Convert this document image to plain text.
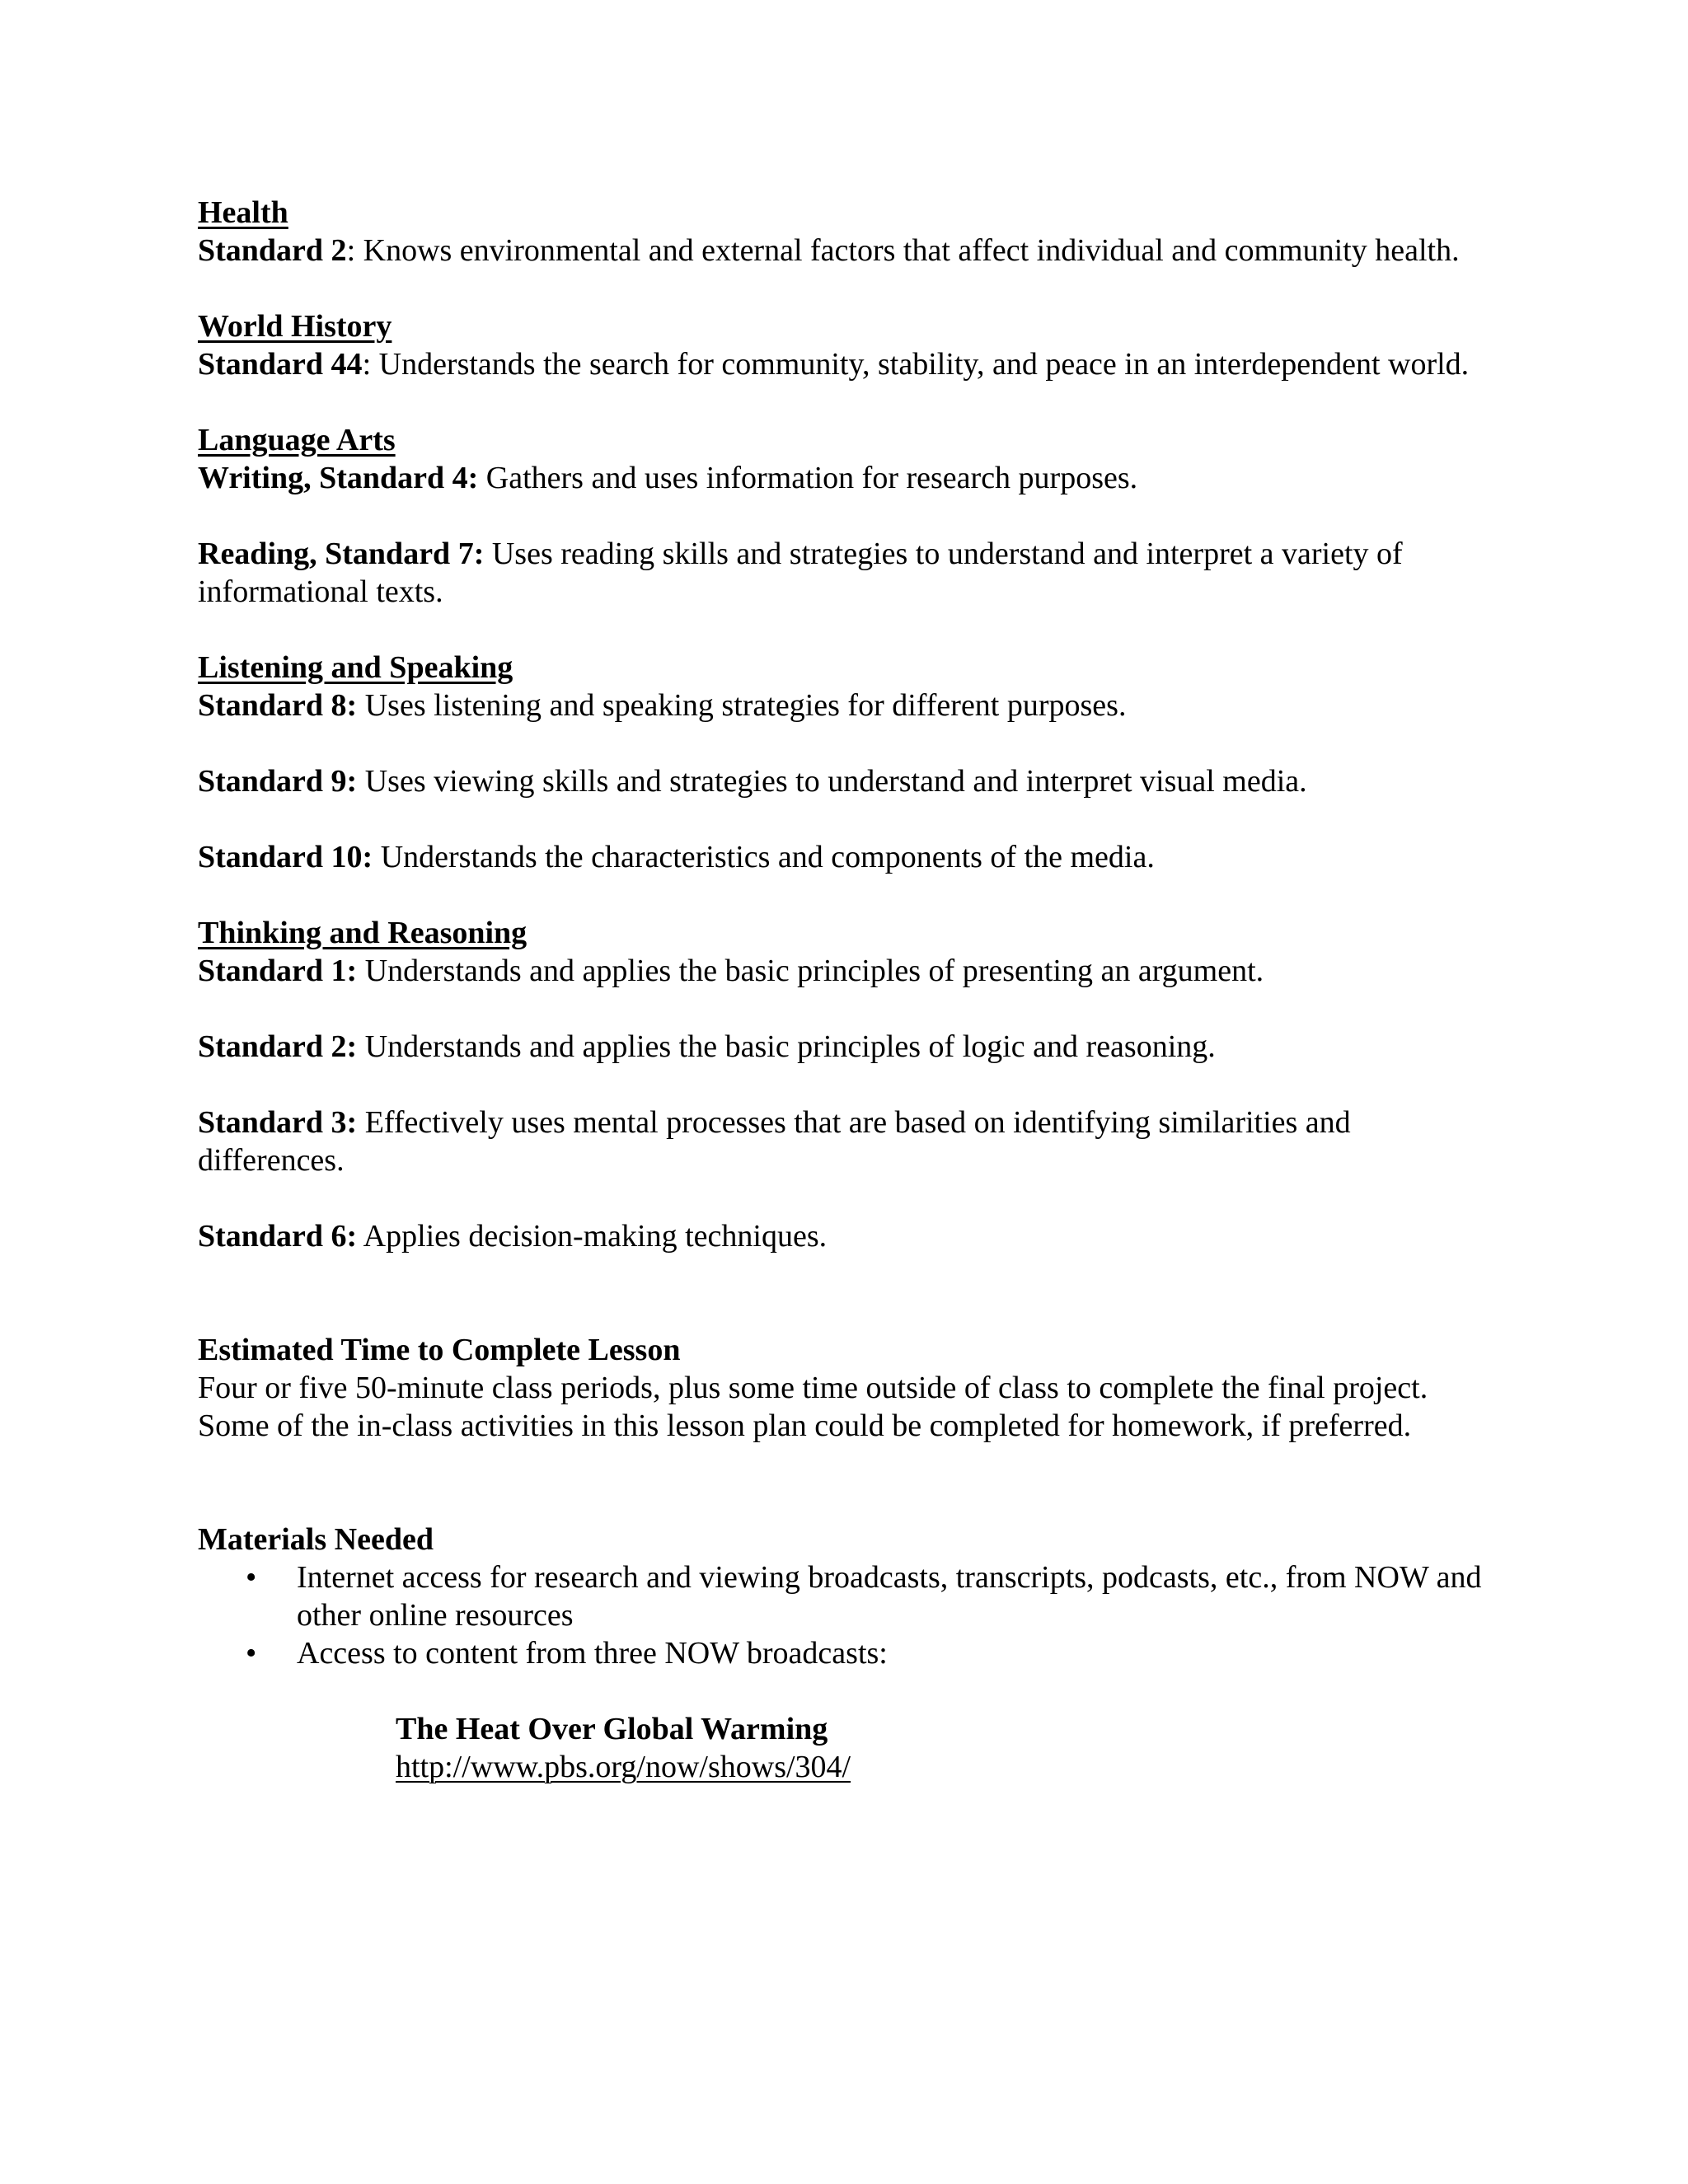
Health

Standard 2: Knows environmental and external factors that affect individual and community health.

World History

Standard 44: Understands the search for community, stability, and peace in an interdependent world.

Language Arts

Writing, Standard 4: Gathers and uses information for research purposes.

Reading, Standard 7: Uses reading skills and strategies to understand and interpret a variety of informational texts.

Listening and Speaking

Standard 8: Uses listening and speaking strategies for different purposes.

Standard 9: Uses viewing skills and strategies to understand and interpret visual media.

Standard 10: Understands the characteristics and components of the media.

Thinking and Reasoning

Standard 1: Understands and applies the basic principles of presenting an argument.

Standard 2: Understands and applies the basic principles of logic and reasoning.

Standard 3: Effectively uses mental processes that are based on identifying similarities and differences.

Standard 6: Applies decision-making techniques.

Estimated Time to Complete Lesson

Four or five 50-minute class periods, plus some time outside of class to complete the final project. Some of the in-class activities in this lesson plan could be completed for homework, if preferred.

Materials Needed

• Internet access for research and viewing broadcasts, transcripts, podcasts, etc., from NOW and other online resources
• Access to content from three NOW broadcasts:

The Heat Over Global Warming

http://www.pbs.org/now/shows/304/
